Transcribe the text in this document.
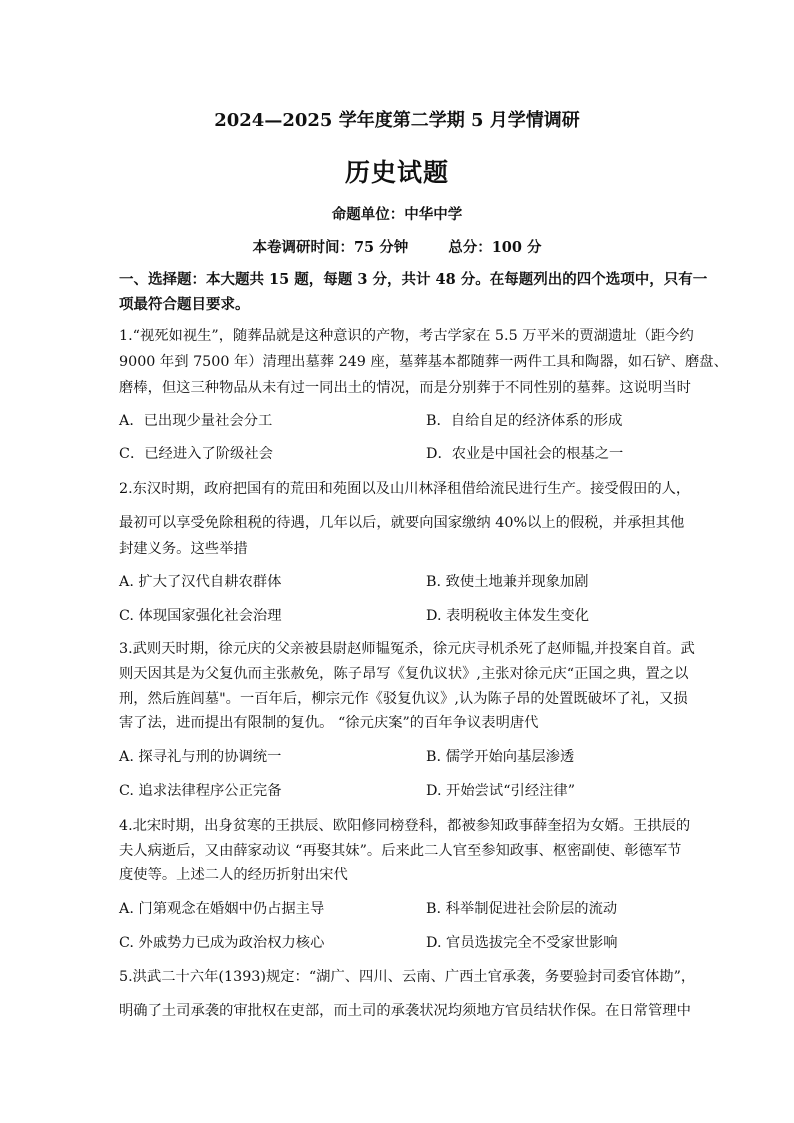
2024—2025 学年度第二学期 5 月学情调研
历史试题
命题单位：中华中学
本卷调研时间：75 分钟	总分：100 分
一、选择题：本大题共 15 题，每题 3 分，共计 48 分。在每题列出的四个选项中，只有一
项最符合题目要求。
1.“视死如视生”，随葬品就是这种意识的产物，考古学家在 5.5 万平米的贾湖遗址（距今约
9000 年到 7500 年）清理出墓葬 249 座，墓葬基本都随葬一两件工具和陶器，如石铲、磨盘、
磨棒，但这三种物品从未有过一同出土的情况，而是分别葬于不同性别的墓葬。这说明当时
A．已出现少量社会分工	B．自给自足的经济体系的形成
C．已经进入了阶级社会	D．农业是中国社会的根基之一
2.东汉时期，政府把国有的荒田和苑囿以及山川林泽租借给流民进行生产。接受假田的人，
最初可以享受免除租税的待遇，几年以后，就要向国家缴纳 40%以上的假税，并承担其他
封建义务。这些举措
A. 扩大了汉代自耕农群体	B. 致使土地兼并现象加剧
C. 体现国家强化社会治理	D. 表明税收主体发生变化
3.武则天时期，徐元庆的父亲被县尉赵师韫冤杀，徐元庆寻机杀死了赵师韫,并投案自首。武
则天因其是为父复仇而主张赦免，陈子昂写《复仇议状》,主张对徐元庆“正国之典，置之以
刑，然后旌闾墓"。一百年后，柳宗元作《驳复仇议》,认为陈子昂的处置既破坏了礼，又损
害了法，进而提出有限制的复仇。 “徐元庆案”的百年争议表明唐代
A. 探寻礼与刑的协调统一	B. 儒学开始向基层渗透
C. 追求法律程序公正完备	D. 开始尝试“引经注律”
4.北宋时期，出身贫寒的王拱辰、欧阳修同榜登科，都被参知政事薛奎招为女婿。王拱辰的
夫人病逝后，又由薛家动议 “再娶其妹”。后来此二人官至参知政事、枢密副使、彰德军节
度使等。上述二人的经历折射出宋代
A. 门第观念在婚姻中仍占据主导	B. 科举制促进社会阶层的流动
C. 外戚势力已成为政治权力核心	D. 官员选拔完全不受家世影响
5.洪武二十六年(1393)规定：“湖广、四川、云南、广西土官承袭，务要验封司委官体勘”，
明确了土司承袭的审批权在吏部，而土司的承袭状况均须地方官员结状作保。在日常管理中
